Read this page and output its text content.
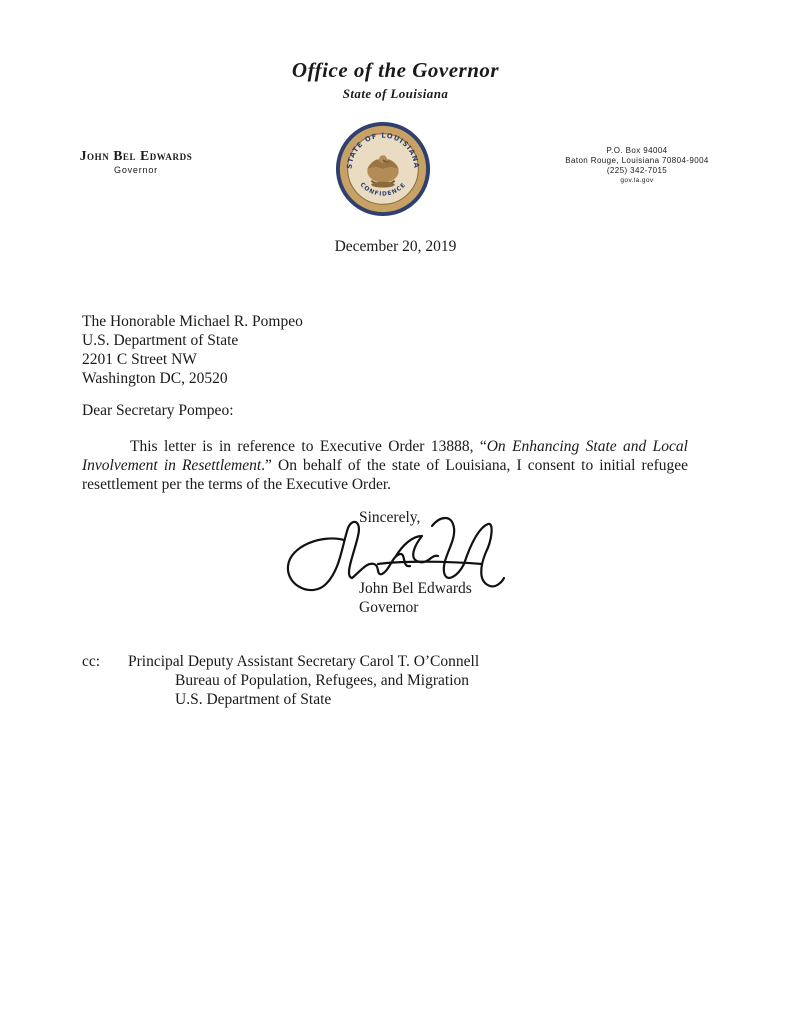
Office of the Governor
State of Louisiana
John Bel Edwards
Governor	STATE OF LOUISIANA
CONFIDENCE
P.O. Box 94004
Baton Rouge, Louisiana 70804-9004
(225) 342-7015
gov.la.gov
December 20, 2019
The Honorable Michael R. Pompeo
U.S. Department of State
2201 C Street NW
Washington DC, 20520
Dear Secretary Pompeo:
This letter is in reference to Executive Order 13888, “On Enhancing State and Local Involvement in Resettlement.” On behalf of the state of Louisiana, I consent to initial refugee resettlement per the terms of the Executive Order.
Sincerely,
John Bel Edwards
Governor
cc: Principal Deputy Assistant Secretary Carol T. O’Connell
Bureau of Population, Refugees, and Migration
U.S. Department of State
